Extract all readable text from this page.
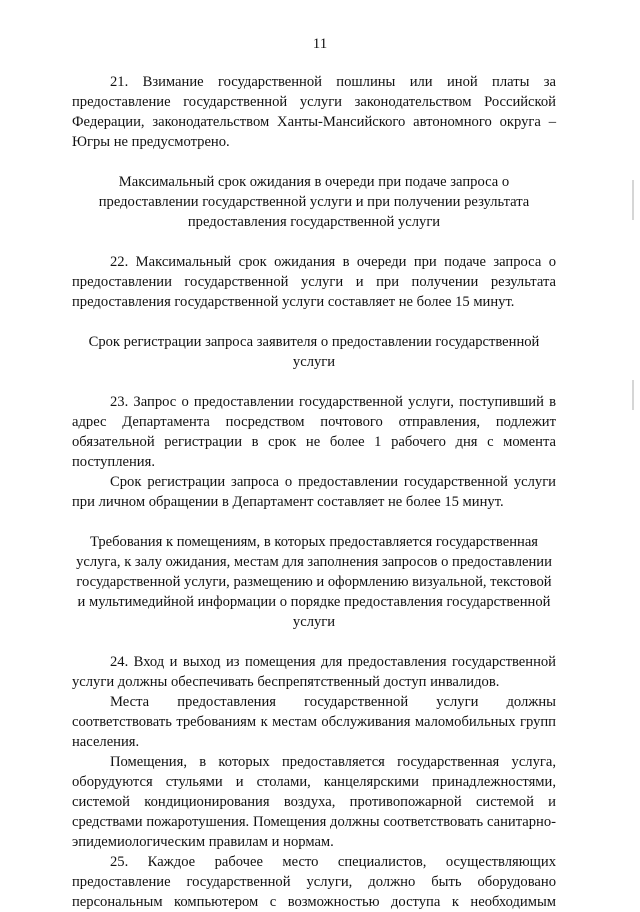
11

21. Взимание государственной пошлины или иной платы за предоставление государственной услуги законодательством Российской Федерации, законодательством Ханты-Мансийского автономного округа – Югры не предусмотрено.

Максимальный срок ожидания в очереди при подаче запроса о предоставлении государственной услуги и при получении результата предоставления государственной услуги

22. Максимальный срок ожидания в очереди при подаче запроса о предоставлении государственной услуги и при получении результата предоставления государственной услуги составляет не более 15 минут.

Срок регистрации запроса заявителя о предоставлении государственной услуги

23. Запрос о предоставлении государственной услуги, поступивший в адрес Департамента посредством почтового отправления, подлежит обязательной регистрации в срок не более 1 рабочего дня с момента поступления.

Срок регистрации запроса о предоставлении государственной услуги при личном обращении в Департамент составляет не более 15 минут.

Требования к помещениям, в которых предоставляется государственная услуга, к залу ожидания, местам для заполнения запросов о предоставлении государственной услуги, размещению и оформлению визуальной, текстовой и мультимедийной информации о порядке предоставления государственной услуги

24. Вход и выход из помещения для предоставления государственной услуги должны обеспечивать беспрепятственный доступ инвалидов.

Места предоставления государственной услуги должны соответствовать требованиям к местам обслуживания маломобильных групп населения.

Помещения, в которых предоставляется государственная услуга, оборудуются стульями и столами, канцелярскими принадлежностями, системой кондиционирования воздуха, противопожарной системой и средствами пожаротушения. Помещения должны соответствовать санитарно-эпидемиологическим правилам и нормам.

25. Каждое рабочее место специалистов, осуществляющих предоставление государственной услуги, должно быть оборудовано персональным компьютером с возможностью доступа к необходимым
